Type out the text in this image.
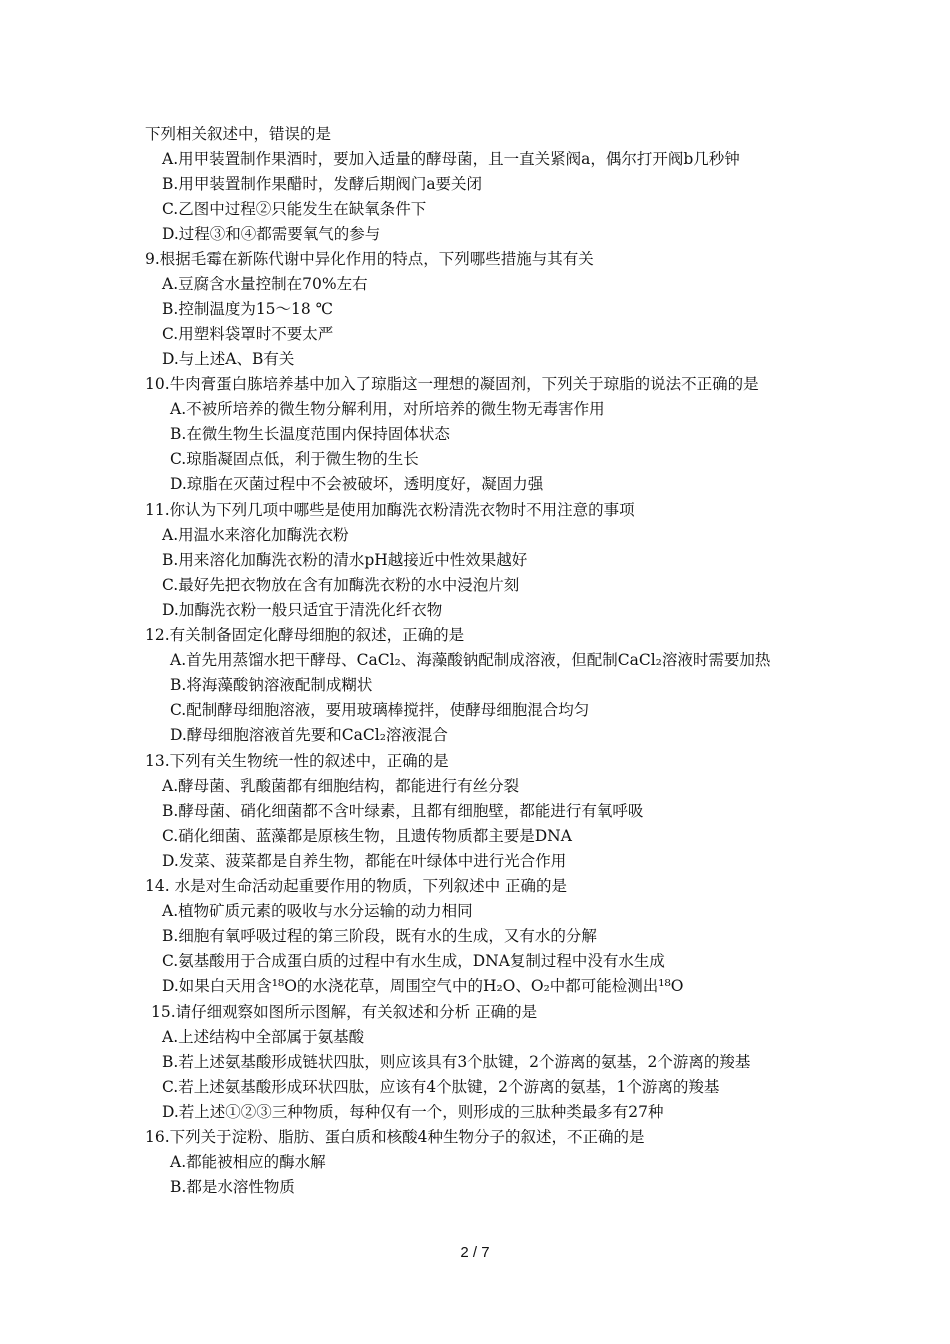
下列相关叙述中，错误的是
A.用甲装置制作果酒时，要加入适量的酵母菌，且一直关紧阀a，偶尔打开阀b几秒钟
B.用甲装置制作果醋时，发酵后期阀门a要关闭
C.乙图中过程②只能发生在缺氧条件下
D.过程③和④都需要氧气的参与
9.根据毛霉在新陈代谢中异化作用的特点，下列哪些措施与其有关
A.豆腐含水量控制在70%左右
B.控制温度为15～18 ℃
C.用塑料袋罩时不要太严
D.与上述A、B有关
10.牛肉膏蛋白胨培养基中加入了琼脂这一理想的凝固剂，下列关于琼脂的说法不正确的是
A.不被所培养的微生物分解利用，对所培养的微生物无毒害作用
B.在微生物生长温度范围内保持固体状态
C.琼脂凝固点低，利于微生物的生长
D.琼脂在灭菌过程中不会被破坏，透明度好，凝固力强
11.你认为下列几项中哪些是使用加酶洗衣粉清洗衣物时不用注意的事项
A.用温水来溶化加酶洗衣粉
B.用来溶化加酶洗衣粉的清水pH越接近中性效果越好
C.最好先把衣物放在含有加酶洗衣粉的水中浸泡片刻
D.加酶洗衣粉一般只适宜于清洗化纤衣物
12.有关制备固定化酵母细胞的叙述，正确的是
A.首先用蒸馏水把干酵母、CaCl₂、海藻酸钠配制成溶液，但配制CaCl₂溶液时需要加热
B.将海藻酸钠溶液配制成糊状
C.配制酵母细胞溶液，要用玻璃棒搅拌，使酵母细胞混合均匀
D.酵母细胞溶液首先要和CaCl₂溶液混合
13.下列有关生物统一性的叙述中，正确的是
A.酵母菌、乳酸菌都有细胞结构，都能进行有丝分裂
B.酵母菌、硝化细菌都不含叶绿素，且都有细胞壁，都能进行有氧呼吸
C.硝化细菌、蓝藻都是原核生物，且遗传物质都主要是DNA
D.发菜、菠菜都是自养生物，都能在叶绿体中进行光合作用
14. 水是对生命活动起重要作用的物质，下列叙述中 正确的是
A.植物矿质元素的吸收与水分运输的动力相同
B.细胞有氧呼吸过程的第三阶段，既有水的生成，又有水的分解
C.氨基酸用于合成蛋白质的过程中有水生成，DNA复制过程中没有水生成
D.如果白天用含¹⁸O的水浇花草，周围空气中的H₂O、O₂中都可能检测出¹⁸O
15.请仔细观察如图所示图解，有关叙述和分析 正确的是
A.上述结构中全部属于氨基酸
B.若上述氨基酸形成链状四肽，则应该具有3个肽键，2个游离的氨基，2个游离的羧基
C.若上述氨基酸形成环状四肽，应该有4个肽键，2个游离的氨基，1个游离的羧基
D.若上述①②③三种物质，每种仅有一个，则形成的三肽种类最多有27种
16.下列关于淀粉、脂肪、蛋白质和核酸4种生物分子的叙述，不正确的是
A.都能被相应的酶水解
B.都是水溶性物质
2 / 7
